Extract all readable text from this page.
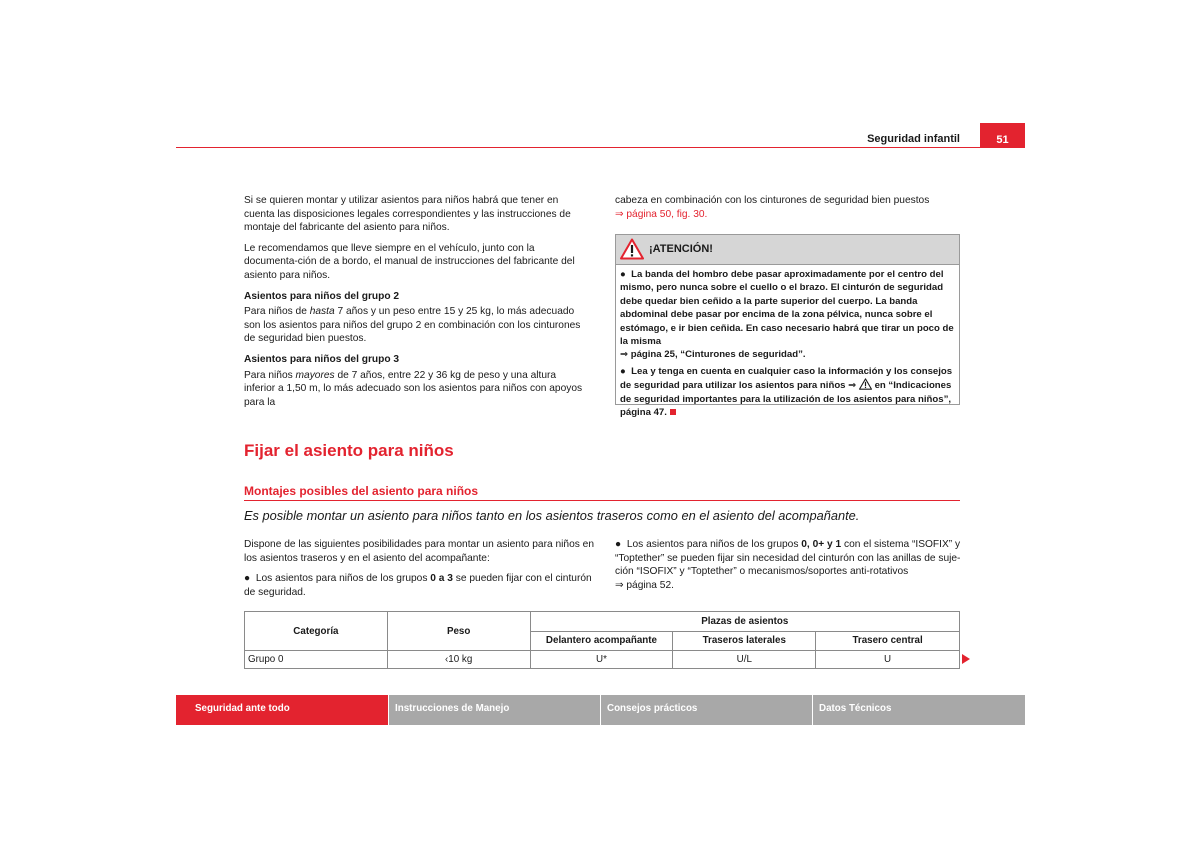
Seguridad infantil	51

Si se quieren montar y utilizar asientos para niños habrá que tener en cuenta las disposiciones legales correspondientes y las instrucciones de montaje del fabricante del asiento para niños.

Le recomendamos que lleve siempre en el vehículo, junto con la documenta-ción de a bordo, el manual de instrucciones del fabricante del asiento para niños.

Asientos para niños del grupo 2

Para niños de hasta 7 años y un peso entre 15 y 25 kg, lo más adecuado son los asientos para niños del grupo 2 en combinación con los cinturones de seguridad bien puestos.

Asientos para niños del grupo 3

Para niños mayores de 7 años, entre 22 y 36 kg de peso y una altura inferior a 1,50 m, lo más adecuado son los asientos para niños con apoyos para la

cabeza en combinación con los cinturones de seguridad bien puestos
⇒ página 50, fig. 30.

¡ATENCIÓN!

●  La banda del hombro debe pasar aproximadamente por el centro del mismo, pero nunca sobre el cuello o el brazo. El cinturón de seguridad debe quedar bien ceñido a la parte superior del cuerpo. La banda abdominal debe pasar por encima de la zona pélvica, nunca sobre el estómago, e ir bien ceñida. En caso necesario habrá que tirar un poco de la misma
⇒ página 25, “Cinturones de seguridad”.

●  Lea y tenga en cuenta en cualquier caso la información y los consejos de seguridad para utilizar los asientos para niños ⇒ en “Indicaciones de seguridad importantes para la utilización de los asientos para niños”, página 47.

Fijar el asiento para niños
Montajes posibles del asiento para niños
Es posible montar un asiento para niños tanto en los asientos traseros como en el asiento del acompañante.

Dispone de las siguientes posibilidades para montar un asiento para niños en los asientos traseros y en el asiento del acompañante:

●  Los asientos para niños de los grupos 0 a 3 se pueden fijar con el cinturón de seguridad.

●  Los asientos para niños de los grupos 0, 0+ y 1 con el sistema “ISOFIX” y “Toptether” se pueden fijar sin necesidad del cinturón con las anillas de suje-ción “ISOFIX” y “Toptether” o mecanismos/soportes anti-rotativos
⇒ página 52.

Categoría	Peso	Plazas de asientos		
		Delantero acompañante	Traseros laterales	Trasero central
Grupo 0	‹10 kg	U*	U/L	U
Seguridad ante todo	Instrucciones de Manejo	Consejos prácticos	Datos Técnicos
